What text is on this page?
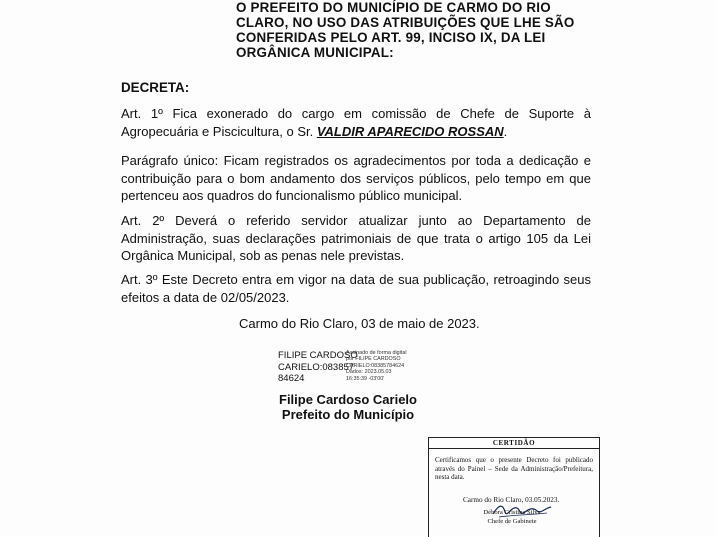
O PREFEITO DO MUNICÍPIO DE CARMO DO RIO
CLARO, NO USO DAS ATRIBUIÇÕES QUE LHE SÃO
CONFERIDAS PELO ART. 99, INCISO IX, DA LEI
ORGÂNICA MUNICIPAL:
DECRETA:
Art. 1º Fica exonerado do cargo em comissão de Chefe de Suporte à Agropecuária e Piscicultura, o Sr. VALDIR APARECIDO ROSSAN.
Parágrafo único: Ficam registrados os agradecimentos por toda a dedicação e contribuição para o bom andamento dos serviços públicos, pelo tempo em que pertenceu aos quadros do funcionalismo público municipal.
Art. 2º Deverá o referido servidor atualizar junto ao Departamento de Administração, suas declarações patrimoniais de que trata o artigo 105 da Lei Orgânica Municipal, sob as penas nele previstas.
Art. 3º Este Decreto entra em vigor na data de sua publicação, retroagindo seus efeitos a data de 02/05/2023.
Carmo do Rio Claro, 03 de maio de 2023.
FILIPE CARDOSO
CARIELO:083857
84624
Assinado de forma digital
por FILIPE CARDOSO
CARIELO:08385784624
Dados: 2023.05.03
16:35:39 -03'00'
Filipe Cardoso Carielo
Prefeito do Município
CERTIDÃO
Certificamos que o presente Decreto foi publicado através do Painel – Sede da Administração/Prefeitura, nesta data.
Carmo do Rio Claro, 03.05.2023.
Débora Cristina Silva
Chefe de Gabinete
